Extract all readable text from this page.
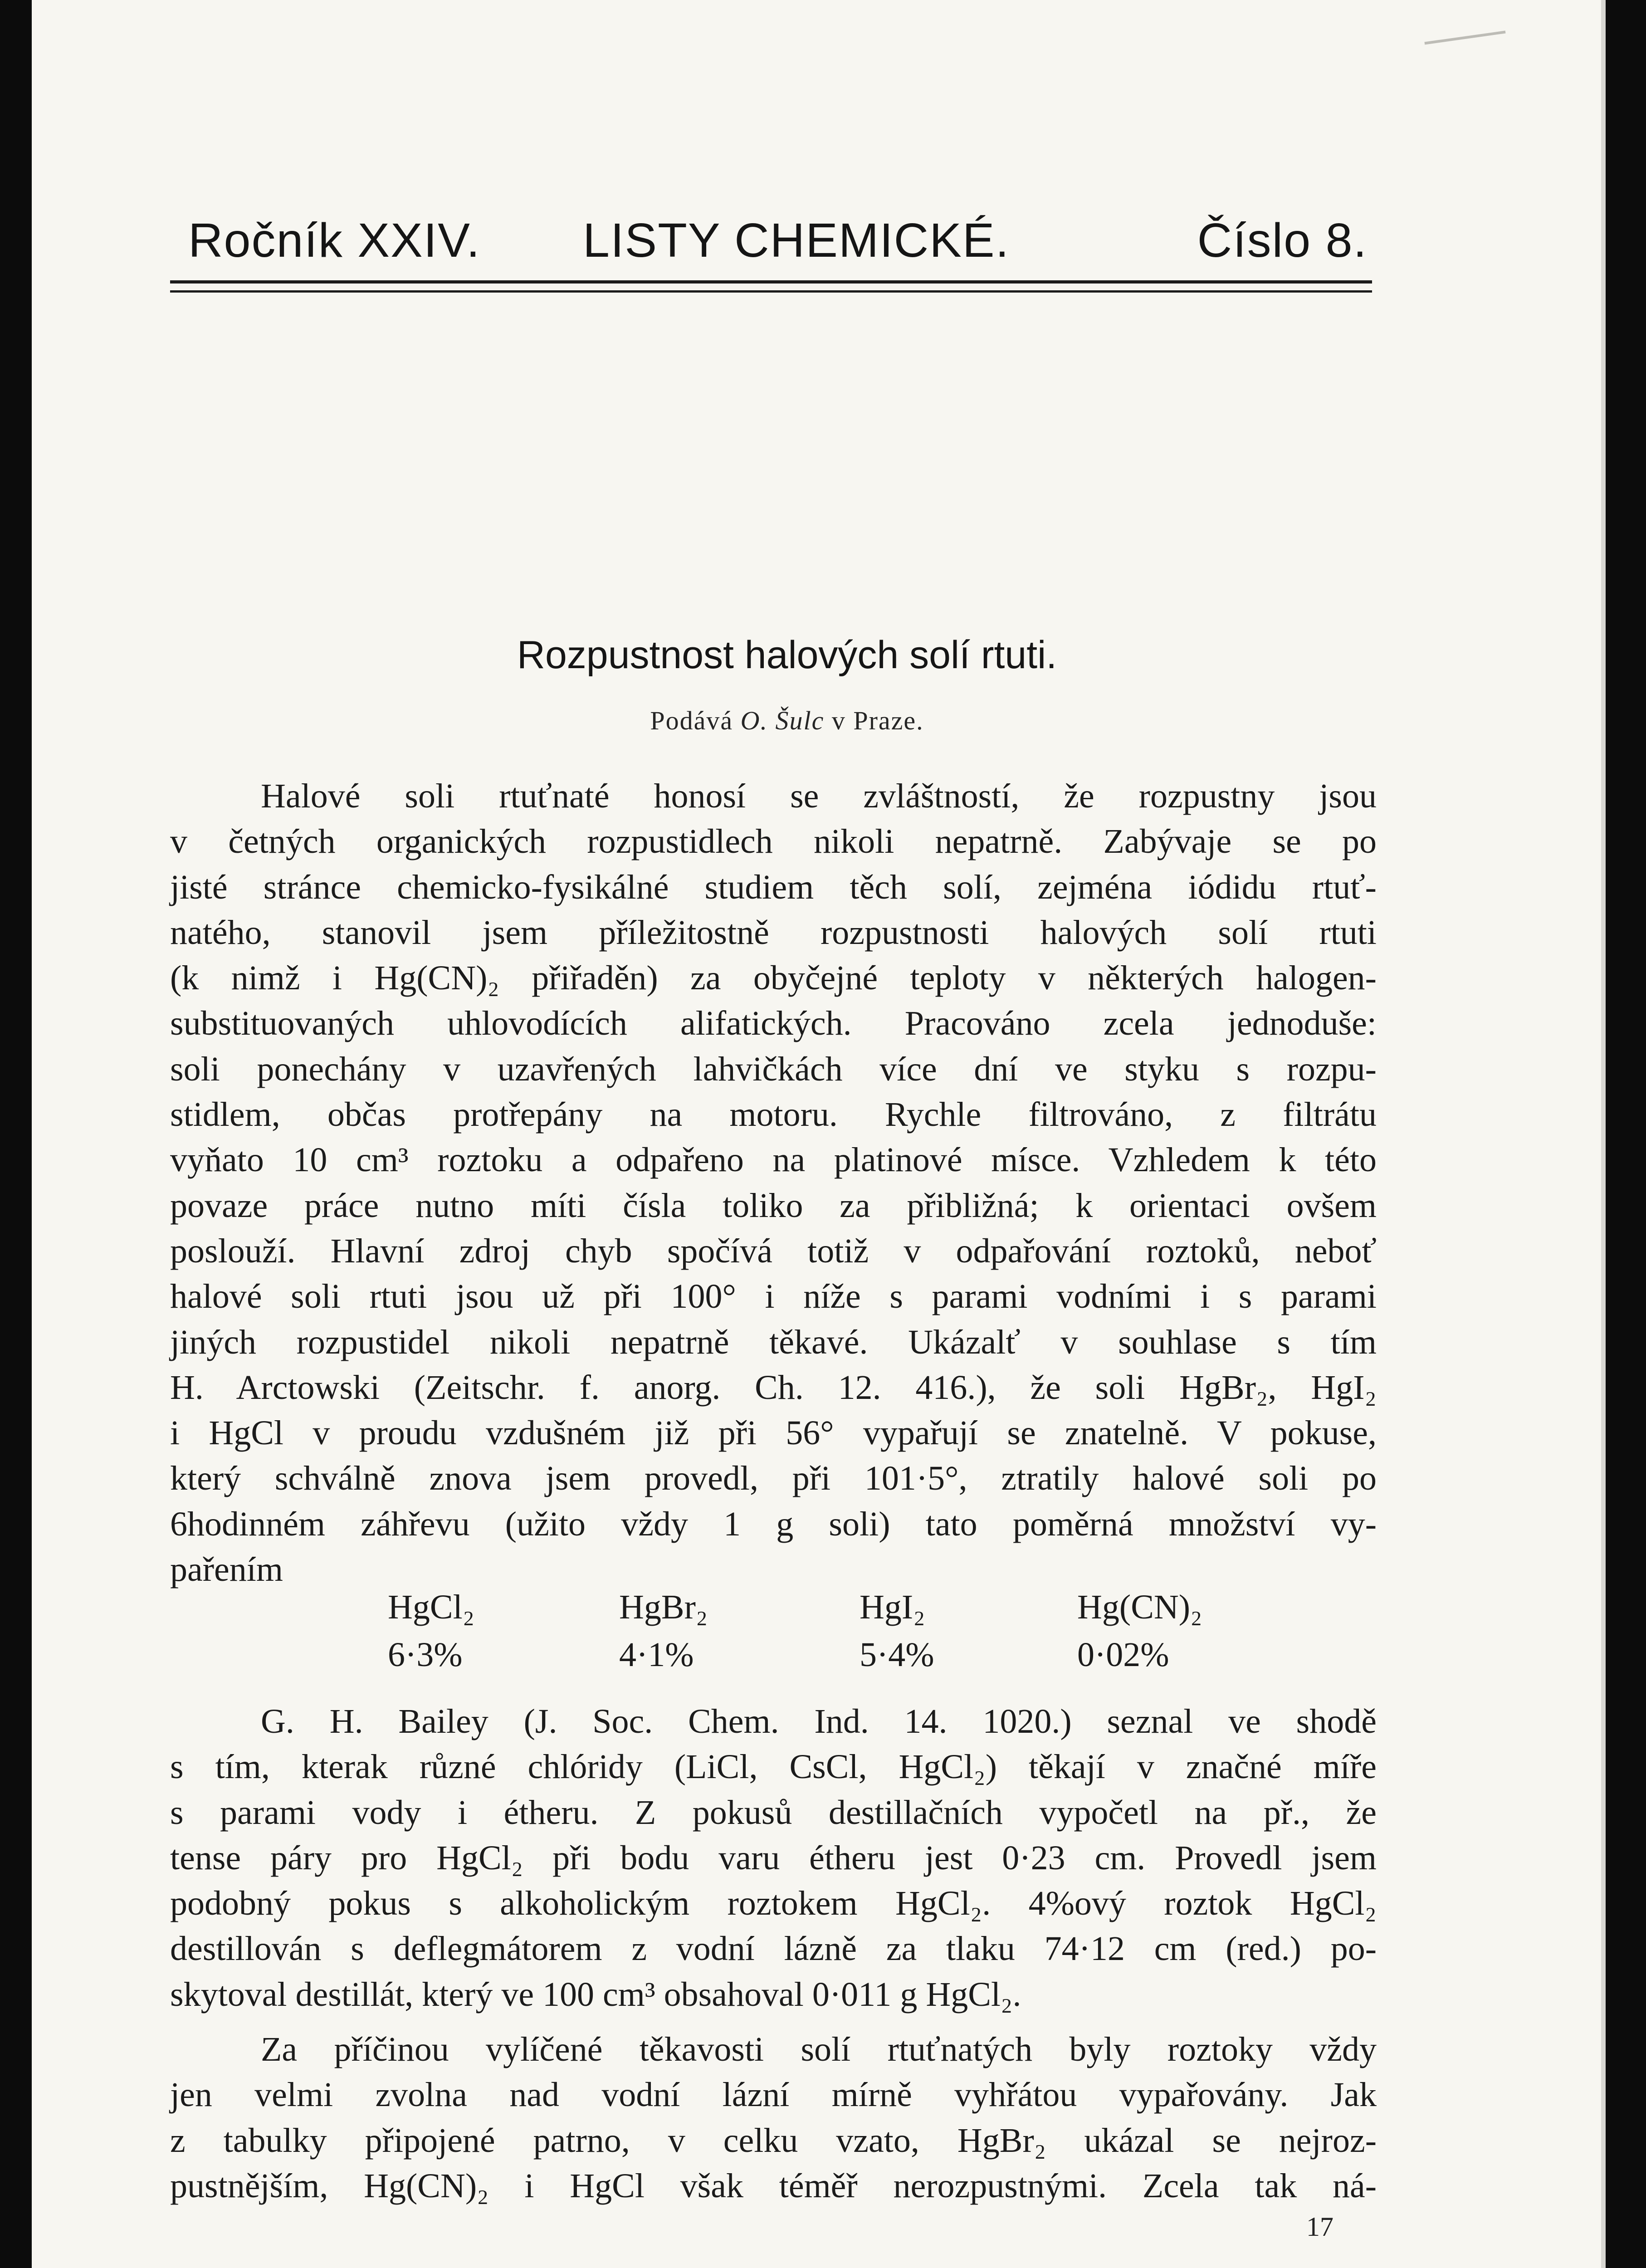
Ročník XXIV. LISTY CHEMICKÉ.	Číslo 8.
Rozpustnost halových solí rtuti.
Podává O. Šulc v Praze.
Halové soli rtuťnaté honosí se zvláštností, že rozpustny jsou
v četných organických rozpustidlech nikoli nepatrně. Zabývaje se po
jisté stránce chemicko-fysikálné studiem těch solí, zejména iódidu rtuť-
natého, stanovil jsem příležitostně rozpustnosti halových solí rtuti
(k nimž i Hg(CN)₂ přiřaděn) za obyčejné teploty v některých halogen-
substituovaných uhlovodících alifatických. Pracováno zcela jednoduše:
soli ponechány v uzavřených lahvičkách více dní ve styku s rozpu-
stidlem, občas protřepány na motoru. Rychle filtrováno, z filtrátu
vyňato 10 cm³ roztoku a odpařeno na platinové mísce. Vzhledem k této
povaze práce nutno míti čísla toliko za přibližná; k orientaci ovšem
poslouží. Hlavní zdroj chyb spočívá totiž v odpařování roztoků, neboť
halové soli rtuti jsou už při 100° i níže s parami vodními i s parami
jiných rozpustidel nikoli nepatrně těkavé. Ukázalť v souhlase s tím
H. Arctowski (Zeitschr. f. anorg. Ch. 12. 416.), že soli HgBr₂, HgI₂
i HgCl v proudu vzdušném již při 56° vypařují se znatelně. V pokuse,
který schválně znova jsem provedl, při 101·5°, ztratily halové soli po
6hodinném záhřevu (užito vždy 1 g soli) tato poměrná množství vy-
pařením
HgCl₂	HgBr₂	HgI₂	Hg(CN)₂
6·3%	4·1%	5·4%	0·02%
G. H. Bailey (J. Soc. Chem. Ind. 14. 1020.) seznal ve shodě
s tím, kterak různé chlóridy (LiCl, CsCl, HgCl₂) těkají v značné míře
s parami vody i étheru. Z pokusů destillačních vypočetl na př., že
tense páry pro HgCl₂ při bodu varu étheru jest 0·23 cm. Provedl jsem
podobný pokus s alkoholickým roztokem HgCl₂. 4%ový roztok HgCl₂
destillován s deflegmátorem z vodní lázně za tlaku 74·12 cm (red.) po-
skytoval destillát, který ve 100 cm³ obsahoval 0·011 g HgCl₂.
Za příčinou vylíčené těkavosti solí rtuťnatých byly roztoky vždy
jen velmi zvolna nad vodní lázní mírně vyhřátou vypařovány. Jak
z tabulky připojené patrno, v celku vzato, HgBr₂ ukázal se nejroz-
pustnějším, Hg(CN)₂ i HgCl však téměř nerozpustnými. Zcela tak ná-
17
